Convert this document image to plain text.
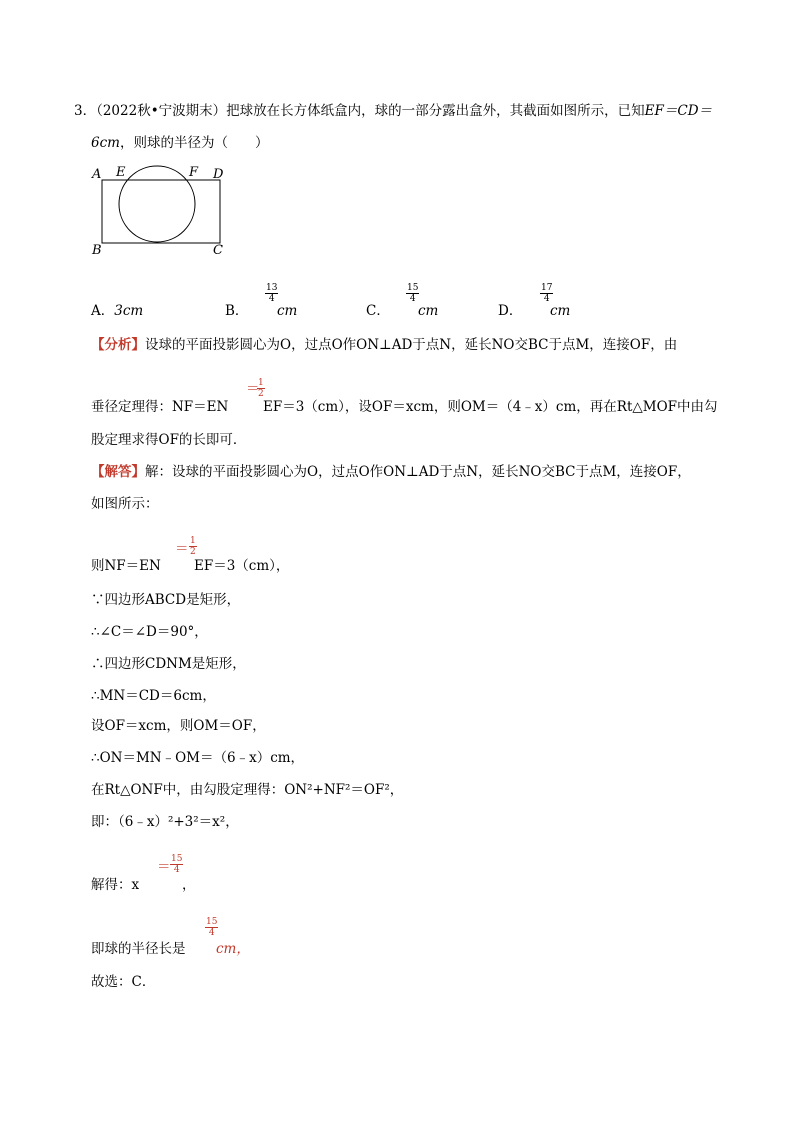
3．（2022秋•宁波期末）把球放在长方体纸盒内，球的一部分露出盒外，其截面如图所示，已知EF＝CD＝
6cm，则球的半径为（　　）
A E	F D
B	C
A．3cm	B．
$\frac{13}{4}$
cm	C．
$\frac{15}{4}$
cm	D．
$\frac{17}{4}$
cm
【分析】设球的平面投影圆心为O，过点O作ON⊥AD于点N，延长NO交BC于点M，连接OF，由
垂径定理得：NF＝EN
＝
$\frac{1}{2}$
EF＝3（cm），设OF＝xcm，则OM＝（4﹣x）cm，再在Rt△MOF中由勾
股定理求得OF的长即可．
【解答】解：设球的平面投影圆心为O，过点O作ON⊥AD于点N，延长NO交BC于点M，连接OF，
如图所示：
则NF＝EN
＝ $\frac{1}{2}$
EF＝3（cm），
∵四边形ABCD是矩形，
∴∠C＝∠D＝90°，
∴四边形CDNM是矩形，
∴MN＝CD＝6cm，
设OF＝xcm，则OM＝OF，
∴ON＝MN﹣OM＝（6﹣x）cm，
在Rt△ONF中，由勾股定理得：ON²+NF²＝OF²，
即：（6﹣x）²+3²＝x²，
解得：x
＝ $\frac{15}{4}$
，
即球的半径长是
$\frac{15}{4}$
cm，
故选：C．
